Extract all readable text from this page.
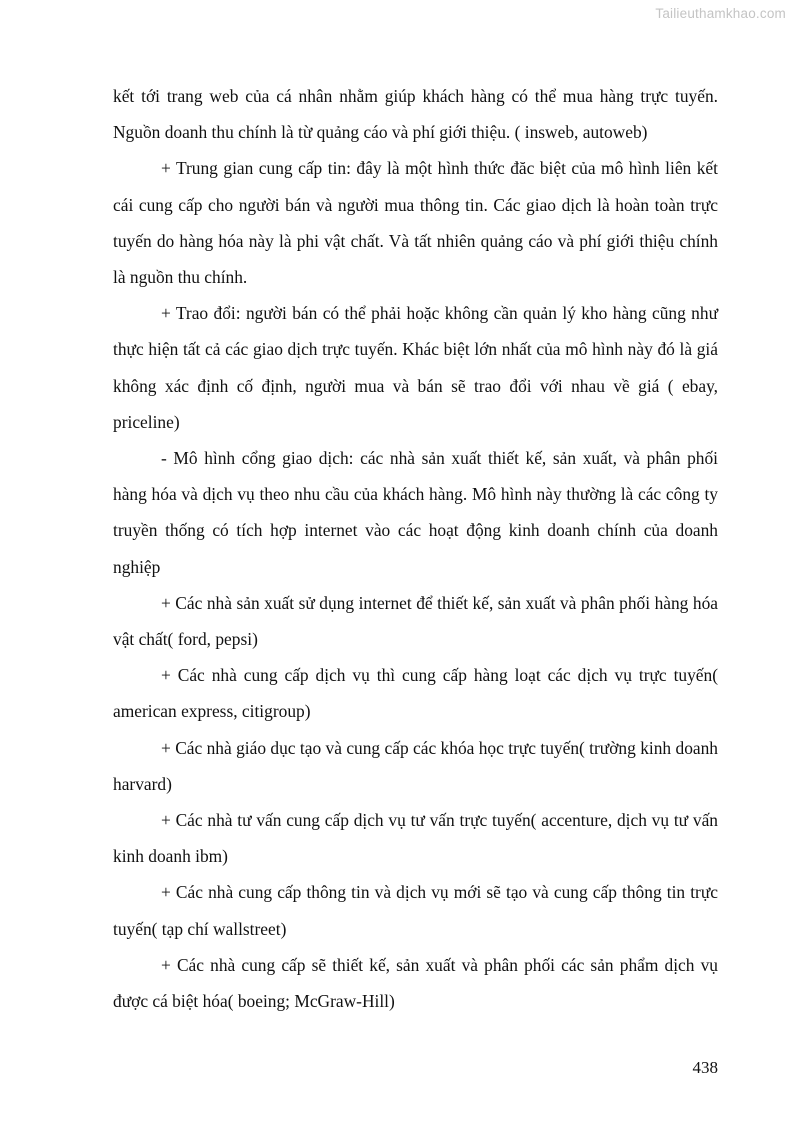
Tailieuthamkhao.com

kết tới trang web của cá nhân nhằm giúp khách hàng có thể mua hàng trực tuyến. Nguồn doanh thu chính là từ quảng cáo và phí giới thiệu. ( insweb, autoweb)

+ Trung gian cung cấp tin: đây là một hình thức đăc biệt của mô hình liên kết cái cung cấp cho người bán và người mua thông tin. Các giao dịch là hoàn toàn trực tuyến do hàng hóa này là phi vật chất. Và tất nhiên quảng cáo và phí giới thiệu chính là nguồn thu chính.

+ Trao đổi: người bán có thể phải hoặc không cần quản lý kho hàng cũng như thực hiện tất cả các giao dịch trực tuyến. Khác biệt lớn nhất của mô hình này đó là giá không xác định cố định, người mua và bán sẽ trao đổi với nhau về giá ( ebay, priceline)

- Mô hình cổng giao dịch: các nhà sản xuất thiết kế, sản xuất, và phân phối hàng hóa và dịch vụ theo nhu cầu của khách hàng. Mô hình này thường là các công ty truyền thống có tích hợp internet vào các hoạt động kinh doanh chính của doanh nghiệp

+ Các nhà sản xuất sử dụng internet để thiết kế, sản xuất và phân phối hàng hóa vật chất( ford, pepsi)

+ Các nhà cung cấp dịch vụ thì cung cấp hàng loạt các dịch vụ trực tuyến( american express, citigroup)

+ Các nhà giáo dục tạo và cung cấp các khóa học trực tuyến( trường kinh doanh harvard)

+ Các nhà tư vấn cung cấp dịch vụ tư vấn trực tuyến( accenture, dịch vụ tư vấn kinh doanh ibm)

+ Các nhà cung cấp thông tin và dịch vụ mới sẽ tạo và cung cấp thông tin trực tuyến( tạp chí wallstreet)

+ Các nhà cung cấp sẽ thiết kế, sản xuất và phân phối các sản phẩm dịch vụ được cá biệt hóa( boeing; McGraw-Hill)

438
